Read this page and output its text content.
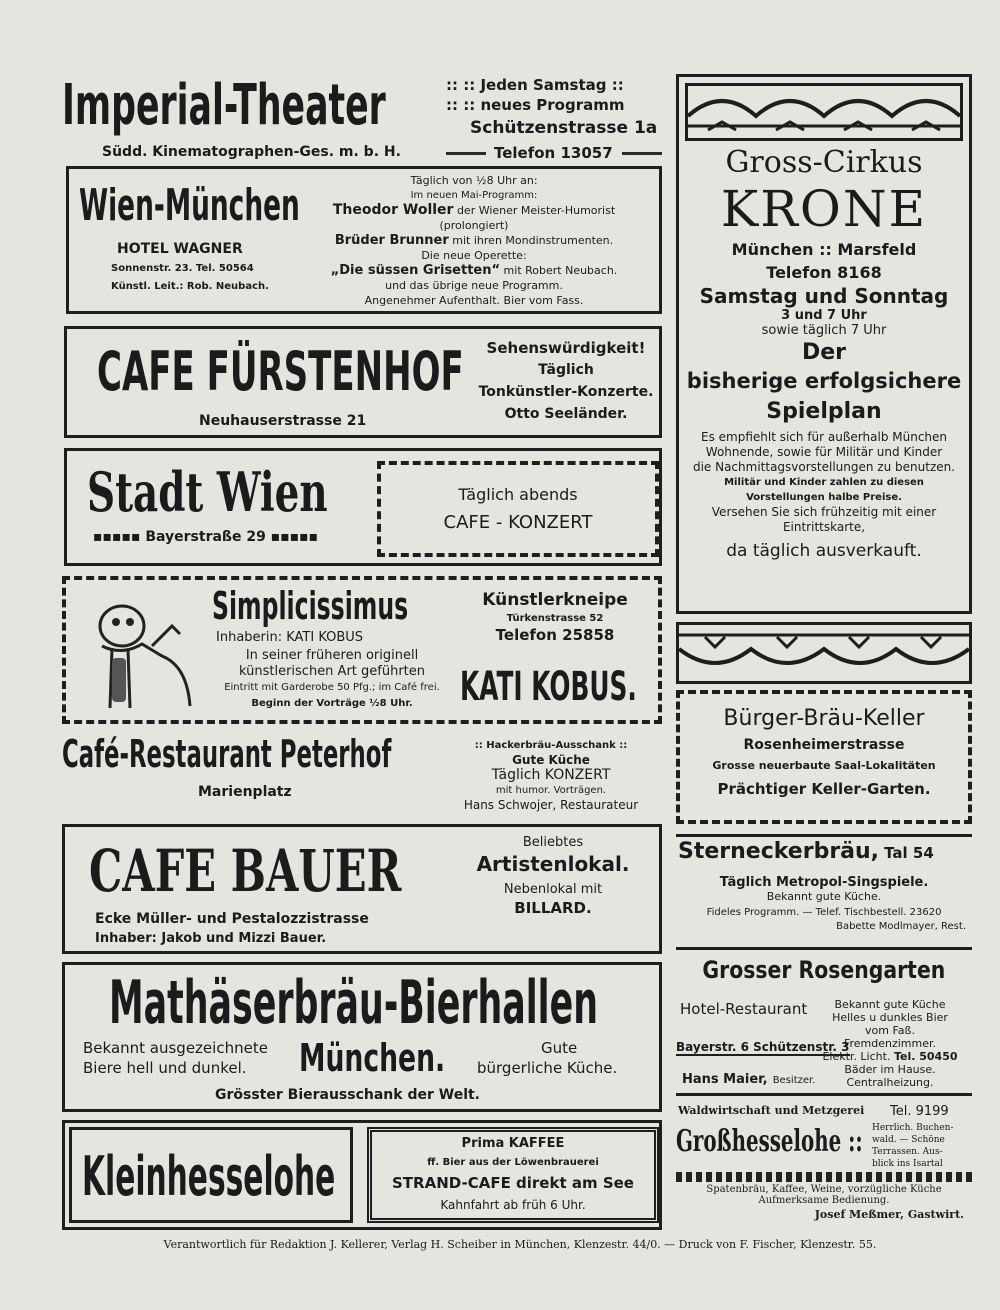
Imperial-Theater
Südd. Kinematographen-Ges. m. b. H.
:: :: Jeden Samstag ::
:: :: neues Programm
Schützenstrasse 1a
Telefon 13057
Wien-München
HOTEL WAGNER
Sonnenstr. 23. Tel. 50564
Künstl. Leit.: Rob. Neubach.
Täglich von ½8 Uhr an:
Im neuen Mai-Programm:
Theodor Woller der Wiener Meister-Humorist
(prolongiert)
Brüder Brunner mit ihren Mondinstrumenten.
Die neue Operette:
„Die süssen Grisetten“ mit Robert Neubach.
und das übrige neue Programm.
Angenehmer Aufenthalt. Bier vom Fass.
CAFE FÜRSTENHOF
Neuhauserstrasse 21
Sehenswürdigkeit!
Täglich
Tonkünstler-Konzerte.
Otto Seeländer.
Stadt Wien
▪▪▪▪▪ Bayerstraße 29 ▪▪▪▪▪
Täglich abends
CAFE - KONZERT
Simplicissimus
Inhaberin: KATI KOBUS
In seiner früheren originell
künstlerischen Art geführten
Eintritt mit Garderobe 50 Pfg.; im Café frei.
Beginn der Vorträge ½8 Uhr.
Künstlerkneipe
Türkenstrasse 52
Telefon 25858
KATI KOBUS.
Café-Restaurant Peterhof
Marienplatz
:: Hackerbräu-Ausschank ::
Gute Küche
Täglich KONZERT
mit humor. Vorträgen.
Hans Schwojer, Restaurateur
CAFE BAUER
Ecke Müller- und Pestalozzistrasse
Inhaber: Jakob und Mizzi Bauer.
Beliebtes
Artistenlokal.
Nebenlokal mit
BILLARD.
Mathäserbräu-Bierhallen
Bekannt ausgezeichnete
Biere hell und dunkel. München.	Gute
bürgerliche Küche.
Grösster Bierausschank der Welt.
Kleinhesselohe
Prima KAFFEE
ff. Bier aus der Löwenbrauerei
STRAND-CAFE direkt am See
Kahnfahrt ab früh 6 Uhr.
Gross-Cirkus
KRONE
München :: Marsfeld
Telefon 8168
Samstag und Sonntag
3 und 7 Uhr
sowie täglich 7 Uhr
Der
bisherige erfolgsichere
Spielplan
Es empfiehlt sich für außerhalb München
Wohnende, sowie für Militär und Kinder
die Nachmittagsvorstellungen zu benutzen.
Militär und Kinder zahlen zu diesen
Vorstellungen halbe Preise.
Versehen Sie sich frühzeitig mit einer
Eintrittskarte,
da täglich ausverkauft.
Bürger-Bräu-Keller
Rosenheimerstrasse
Grosse neuerbaute Saal-Lokalitäten
Prächtiger Keller-Garten.
Sterneckerbräu, Tal 54
Täglich Metropol-Singspiele.
Bekannt gute Küche.
Fideles Programm. — Telef. Tischbestell. 23620
Babette Modlmayer, Rest.
Grosser Rosengarten
Hotel-Restaurant	Bekannt gute Küche
Helles u dunkles Bier
vom Faß.
Fremdenzimmer.
Elektr. Licht. Tel. 50450
Bäder im Hause.
Centralheizung.
Bayerstr. 6 Schützenstr. 3
Hans Maier, Besitzer.
Waldwirtschaft und Metzgerei Tel. 9199
Großhesselohe ::	Herrlich. Buchen-
wald. — Schöne
Terrassen. Aus-
blick ins Isartal
Spatenbräu, Kaffee, Weine, vorzügliche Küche
Aufmerksame Bedienung.
Josef Meßmer, Gastwirt.
Verantwortlich für Redaktion J. Kellerer, Verlag H. Scheiber in München, Klenzestr. 44/0. — Druck von F. Fischer, Klenzestr. 55.
